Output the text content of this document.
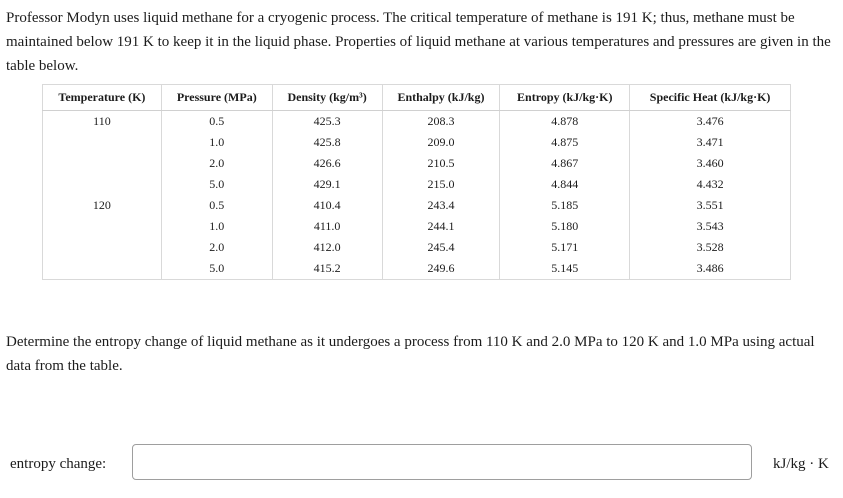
Professor Modyn uses liquid methane for a cryogenic process. The critical temperature of methane is 191 K; thus, methane must be maintained below 191 K to keep it in the liquid phase. Properties of liquid methane at various temperatures and pressures are given in the table below.

Temperature (K)	Pressure (MPa)	Density (kg/m³)	Enthalpy (kJ/kg)	Entropy (kJ/kg·K)	Specific Heat (kJ/kg·K)
110	0.5	425.3	208.3	4.878	3.476
	1.0	425.8	209.0	4.875	3.471
	2.0	426.6	210.5	4.867	3.460
	5.0	429.1	215.0	4.844	4.432
120	0.5	410.4	243.4	5.185	3.551
	1.0	411.0	244.1	5.180	3.543
	2.0	412.0	245.4	5.171	3.528
	5.0	415.2	249.6	5.145	3.486

Determine the entropy change of liquid methane as it undergoes a process from 110 K and 2.0 MPa to 120 K and 1.0 MPa using actual data from the table.

entropy change:	kJ/kg · K
